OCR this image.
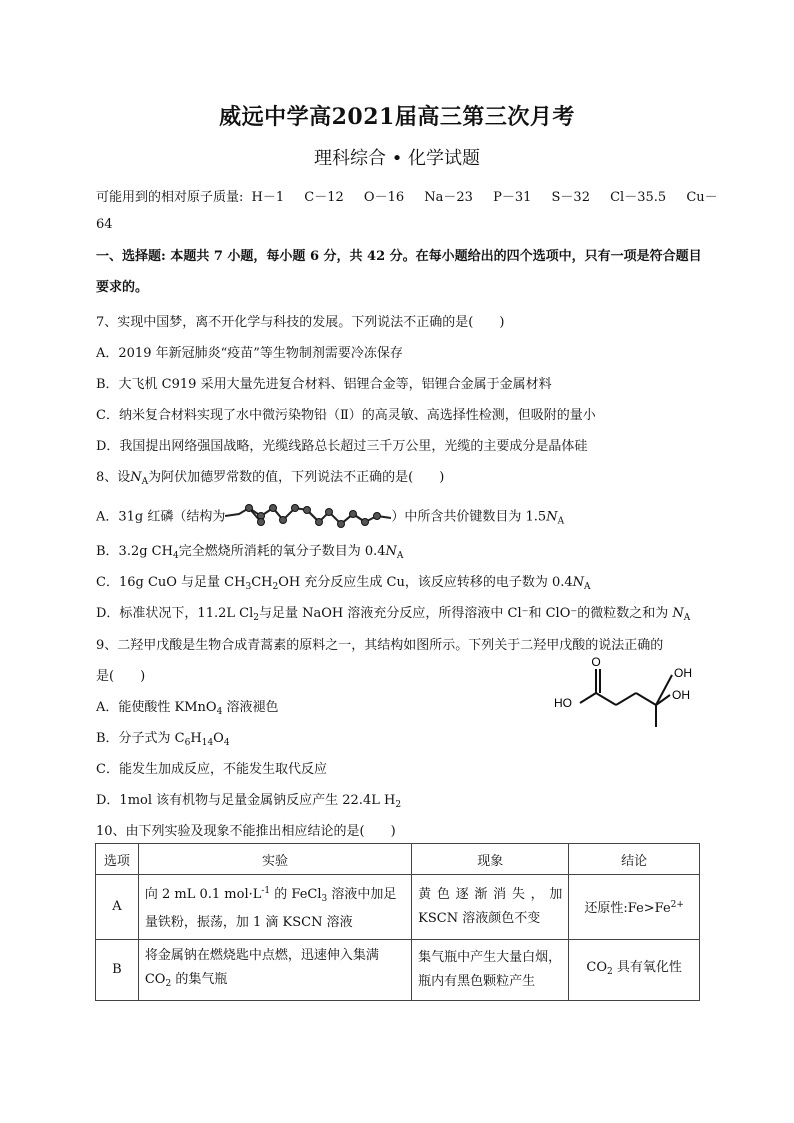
威远中学高2021届高三第三次月考
理科综合 • 化学试题
可能用到的相对原子质量: H－1 C－12 O－16 Na－23 P－31 S－32 Cl－35.5 Cu－
64
一、选择题: 本题共 7 小题，每小题 6 分，共 42 分。在每小题给出的四个选项中，只有一项是符合题目要求的。
7、实现中国梦，离不开化学与科技的发展。下列说法不正确的是(　　)
A．2019 年新冠肺炎“疫苗”等生物制剂需要冷冻保存
B．大飞机 C919 采用大量先进复合材料、铝锂合金等，铝锂合金属于金属材料
C．纳米复合材料实现了水中微污染物铅（Ⅱ）的高灵敏、高选择性检测，但吸附的量小
D．我国提出网络强国战略，光缆线路总长超过三千万公里，光缆的主要成分是晶体硅
8、设$N_A$为阿伏加德罗常数的值，下列说法不正确的是(　　)
A．31g 红磷（结构为	）中所含共价键数目为 $1.5N_A$
B．3.2g $CH_4$完全燃烧所消耗的氧分子数目为 $0.4N_A$
C．16g CuO 与足量 $CH_3CH_2OH$ 充分反应生成 Cu，该反应转移的电子数为 $0.4N_A$
D．标准状况下，11.2L $Cl_2$与足量 NaOH 溶液充分反应，所得溶液中 Cl⁻和 ClO⁻的微粒数之和为 $N_A$
9、二羟甲戊酸是生物合成青蒿素的原料之一，其结构如图所示。下列关于二羟甲戊酸的说法正确的
是(　　)
A．能使酸性 KMnO$_4$ 溶液褪色
B．分子式为 $C_6H_{14}O_4$
C．能发生加成反应，不能发生取代反应
D．1mol 该有机物与足量金属钠反应产生 22.4L $H_2$
O
HO
OH
OH
10、由下列实验及现象不能推出相应结论的是(　　)
选项	实验	现象	结论
A	向 2 mL 0.1 $mol\cdot L^{-1}$ 的 FeCl$_3$ 溶液中加足量铁粉，振荡，加 1 滴 KSCN 溶液	黄色逐渐消失，加 KSCN 溶液颜色不变	还原性$:Fe>Fe^{2+}$
B	将金属钠在燃烧匙中点燃，迅速伸入集满 $CO_2$ 的集气瓶	集气瓶中产生大量白烟，瓶内有黑色颗粒产生	$CO_2$ 具有氧化性
